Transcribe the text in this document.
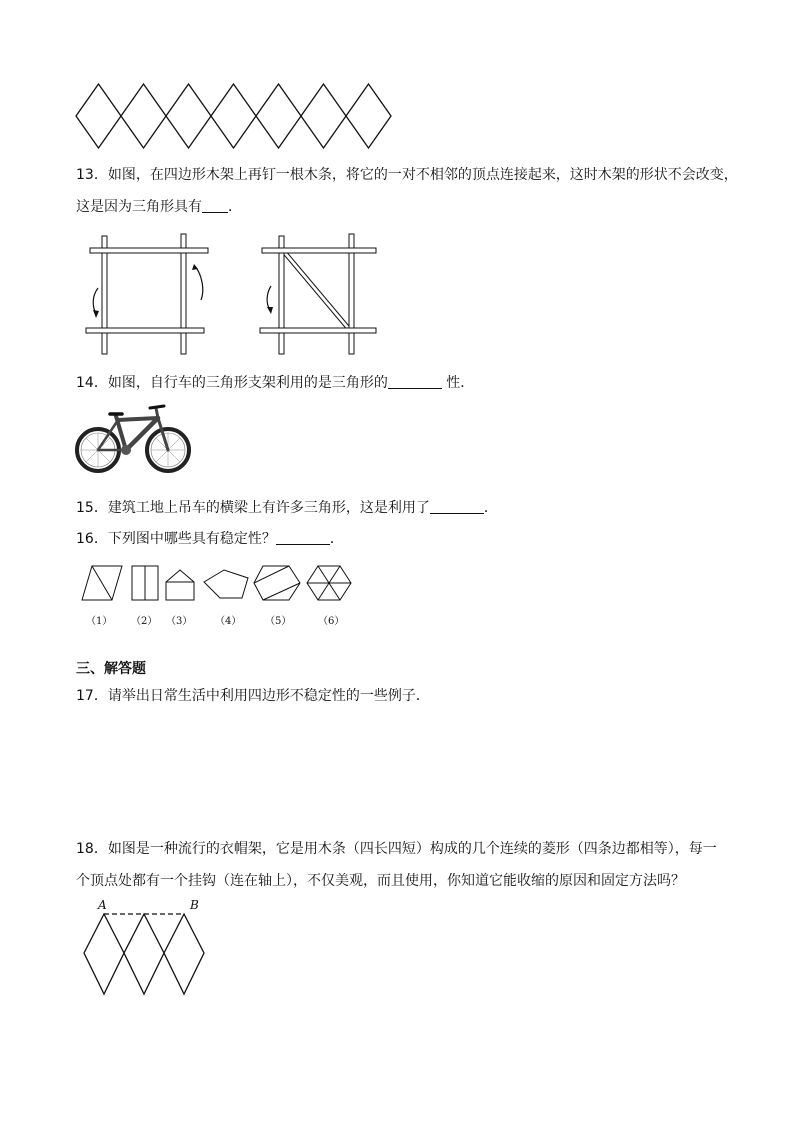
13．如图，在四边形木架上再钉一根木条，将它的一对不相邻的顶点连接起来，这时木架的形状不会改变，
这是因为三角形具有 ．
14．如图，自行车的三角形支架利用的是三角形的	性．
15．建筑工地上吊车的横梁上有许多三角形，这是利用了	．
16．下列图中哪些具有稳定性？	．
（1） （2） （3） （4） （5）	（6）
三、解答题
17．请举出日常生活中利用四边形不稳定性的一些例子．
18．如图是一种流行的衣帽架，它是用木条（四长四短）构成的几个连续的菱形（四条边都相等），每一
个顶点处都有一个挂钩（连在轴上），不仅美观，而且使用，你知道它能收缩的原因和固定方法吗？
A	B
